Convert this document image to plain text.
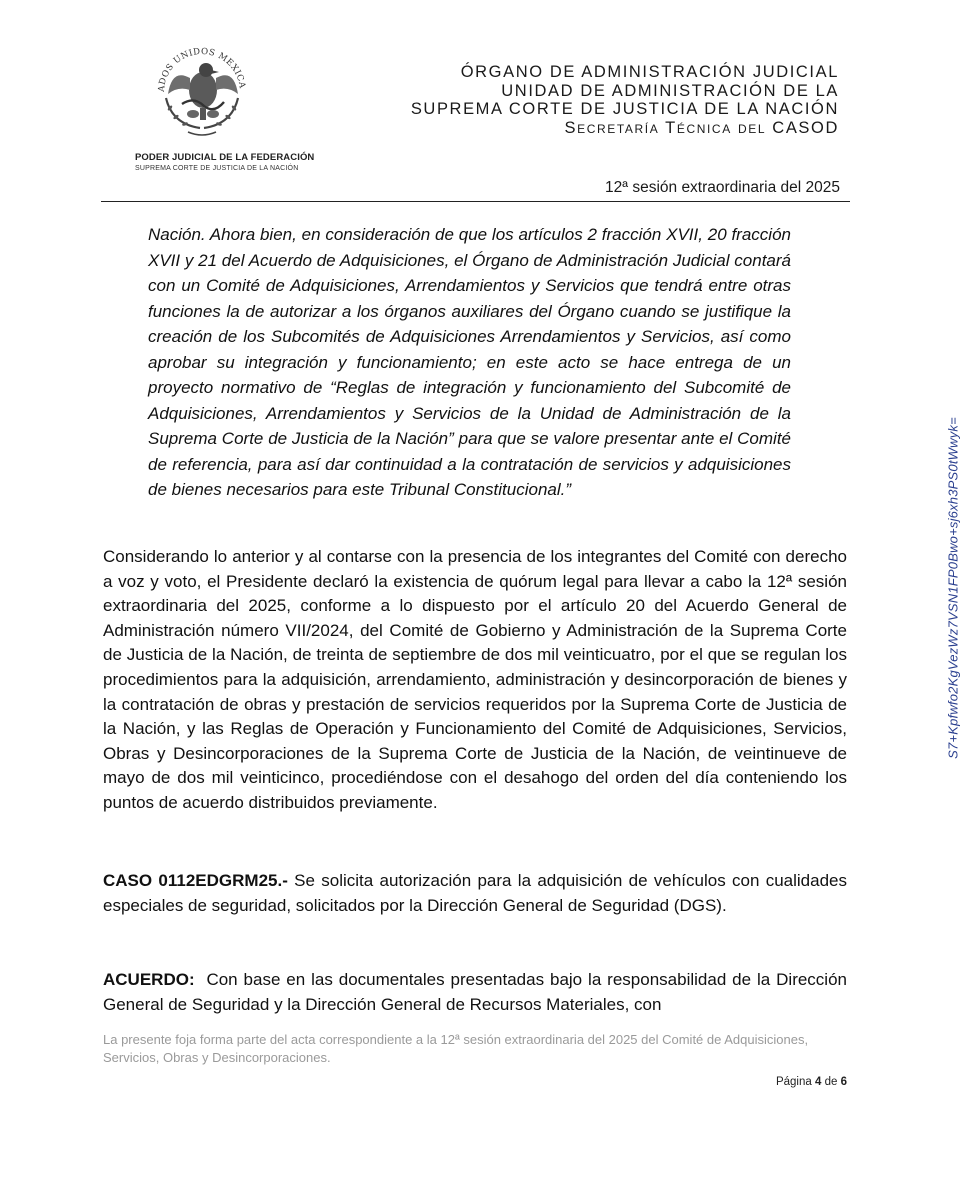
ADOS UNIDOS MEXICA
PODER JUDICIAL DE LA FEDERACIÓN
SUPREMA CORTE DE JUSTICIA DE LA NACIÓN
ÓRGANO DE ADMINISTRACIÓN JUDICIAL
UNIDAD DE ADMINISTRACIÓN DE LA
SUPREMA CORTE DE JUSTICIA DE LA NACIÓN
Secretaría Técnica del CASOD
12ª sesión extraordinaria del 2025

Nación. Ahora bien, en consideración de que los artículos 2 fracción XVII, 20 fracción XVII y 21 del Acuerdo de Adquisiciones, el Órgano de Administración Judicial contará con un Comité de Adquisiciones, Arrendamientos y Servicios que tendrá entre otras funciones la de autorizar a los órganos auxiliares del Órgano cuando se justifique la creación de los Subcomités de Adquisiciones Arrendamientos y Servicios, así como aprobar su integración y funcionamiento; en este acto se hace entrega de un proyecto normativo de “Reglas de integración y funcionamiento del Subcomité de Adquisiciones, Arrendamientos y Servicios de la Unidad de Administración de la Suprema Corte de Justicia de la Nación” para que se valore presentar ante el Comité de referencia, para así dar continuidad a la contratación de servicios y adquisiciones de bienes necesarios para este Tribunal Constitucional.”

Considerando lo anterior y al contarse con la presencia de los integrantes del Comité con derecho a voz y voto, el Presidente declaró la existencia de quórum legal para llevar a cabo la 12ª sesión extraordinaria del 2025, conforme a lo dispuesto por el artículo 20 del Acuerdo General de Administración número VII/2024, del Comité de Gobierno y Administración de la Suprema Corte de Justicia de la Nación, de treinta de septiembre de dos mil veinticuatro, por el que se regulan los procedimientos para la adquisición, arrendamiento, administración y desincorporación de bienes y la contratación de obras y prestación de servicios requeridos por la Suprema Corte de Justicia de la Nación, y las Reglas de Operación y Funcionamiento del Comité de Adquisiciones, Servicios, Obras y Desincorporaciones de la Suprema Corte de Justicia de la Nación, de veintinueve de mayo de dos mil veinticinco, procediéndose con el desahogo del orden del día conteniendo los puntos de acuerdo distribuidos previamente.

CASO 0112EDGRM25.- Se solicita autorización para la adquisición de vehículos con cualidades especiales de seguridad, solicitados por la Dirección General de Seguridad (DGS).

ACUERDO: Con base en las documentales presentadas bajo la responsabilidad de la Dirección General de Seguridad y la Dirección General de Recursos Materiales, con

La presente foja forma parte del acta correspondiente a la 12ª sesión extraordinaria del 2025 del Comité de Adquisiciones, Servicios, Obras y Desincorporaciones.

Página 4 de 6
S7+Kpfwfo2KgVezWz7VSN1FP0Bwo+sj6xh3PS0tWwyk=
